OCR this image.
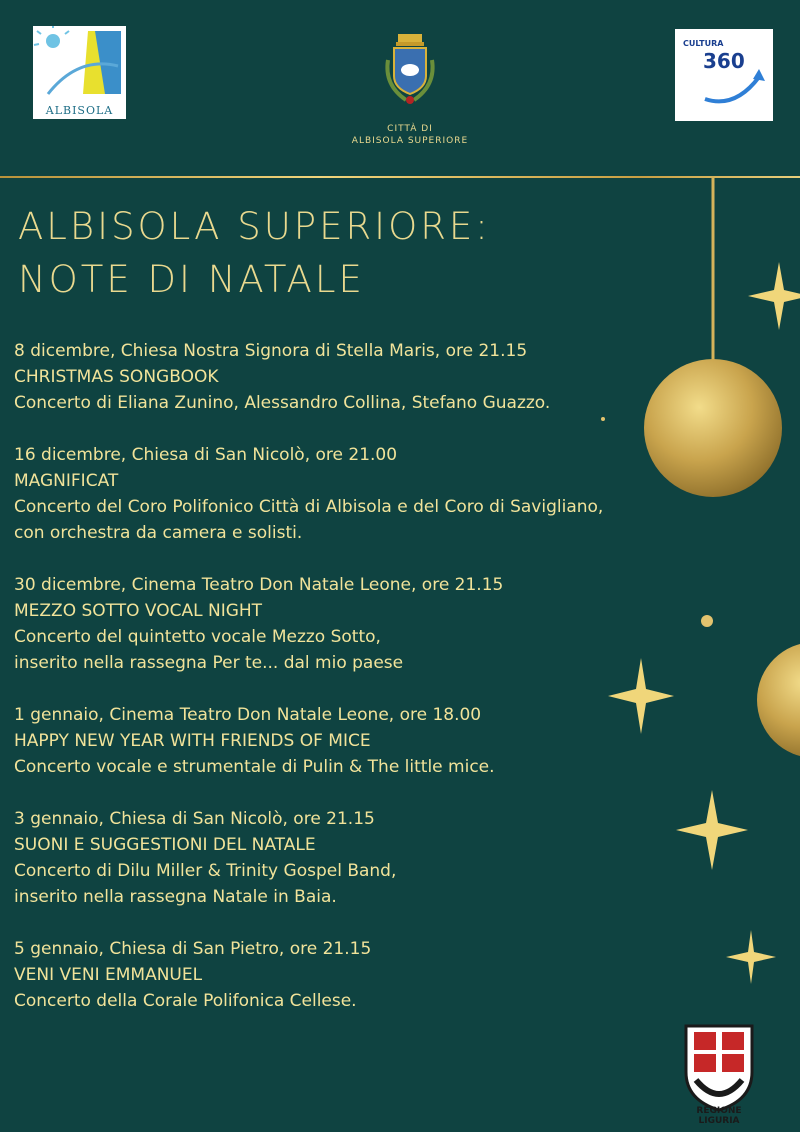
ALBISOLA
CITTÀ DI
ALBISOLA SUPERIORE
CULTURA
360
ALBISOLA SUPERIORE:
NOTE DI NATALE
8 dicembre, Chiesa Nostra Signora di Stella Maris, ore 21.15
CHRISTMAS SONGBOOK
Concerto di Eliana Zunino, Alessandro Collina, Stefano Guazzo.
16 dicembre, Chiesa di San Nicolò, ore 21.00
MAGNIFICAT
Concerto del Coro Polifonico Città di Albisola e del Coro di Savigliano,
con orchestra da camera e solisti.
30 dicembre, Cinema Teatro Don Natale Leone, ore 21.15
MEZZO SOTTO VOCAL NIGHT
Concerto del quintetto vocale Mezzo Sotto,
inserito nella rassegna Per te... dal mio paese
1 gennaio, Cinema Teatro Don Natale Leone, ore 18.00
HAPPY NEW YEAR WITH FRIENDS OF MICE
Concerto vocale e strumentale di Pulin & The little mice.
3 gennaio, Chiesa di San Nicolò, ore 21.15
SUONI E SUGGESTIONI DEL NATALE
Concerto di Dilu Miller & Trinity Gospel Band,
inserito nella rassegna Natale in Baia.
5 gennaio, Chiesa di San Pietro, ore 21.15
VENI VENI EMMANUEL
Concerto della Corale Polifonica Cellese.
REGIONE LIGURIA
